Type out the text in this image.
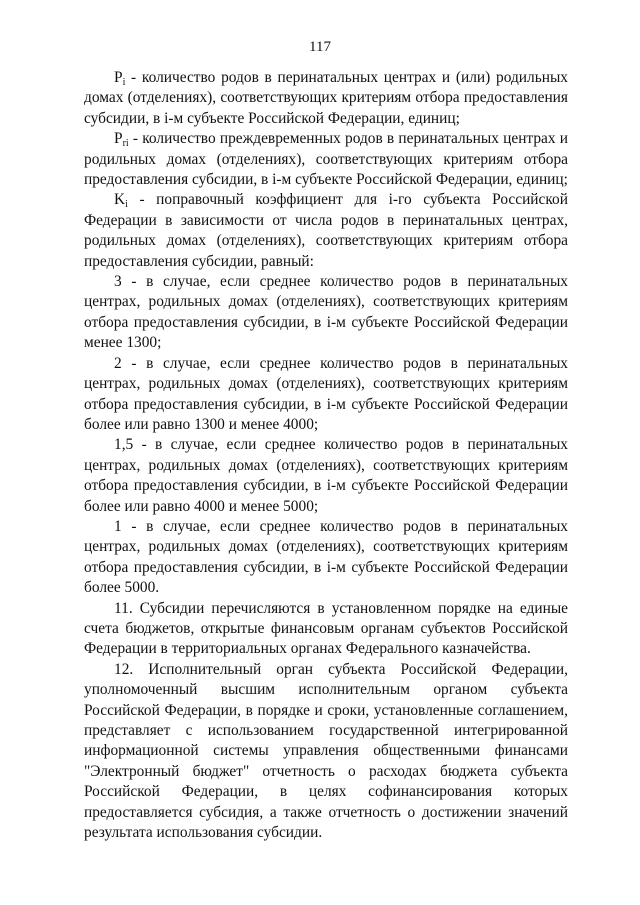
117

$P_i$ - количество родов в перинатальных центрах и (или) родильных домах (отделениях), соответствующих критериям отбора предоставления субсидии, в i-м субъекте Российской Федерации, единиц;

$P_{ri}$ - количество преждевременных родов в перинатальных центрах и родильных домах (отделениях), соответствующих критериям отбора предоставления субсидии, в i-м субъекте Российской Федерации, единиц;

$K_i$ - поправочный коэффициент для i-го субъекта Российской Федерации в зависимости от числа родов в перинатальных центрах, родильных домах (отделениях), соответствующих критериям отбора предоставления субсидии, равный:

3 - в случае, если среднее количество родов в перинатальных центрах, родильных домах (отделениях), соответствующих критериям отбора предоставления субсидии, в i-м субъекте Российской Федерации менее 1300;

2 - в случае, если среднее количество родов в перинатальных центрах, родильных домах (отделениях), соответствующих критериям отбора предоставления субсидии, в i-м субъекте Российской Федерации более или равно 1300 и менее 4000;

1,5 - в случае, если среднее количество родов в перинатальных центрах, родильных домах (отделениях), соответствующих критериям отбора предоставления субсидии, в i-м субъекте Российской Федерации более или равно 4000 и менее 5000;

1 - в случае, если среднее количество родов в перинатальных центрах, родильных домах (отделениях), соответствующих критериям отбора предоставления субсидии, в i-м субъекте Российской Федерации более 5000.

11. Субсидии перечисляются в установленном порядке на единые счета бюджетов, открытые финансовым органам субъектов Российской Федерации в территориальных органах Федерального казначейства.

12. Исполнительный орган субъекта Российской Федерации, уполномоченный высшим исполнительным органом субъекта Российской Федерации, в порядке и сроки, установленные соглашением, представляет с использованием государственной интегрированной информационной системы управления общественными финансами "Электронный бюджет" отчетность о расходах бюджета субъекта Российской Федерации, в целях софинансирования которых предоставляется субсидия, а также отчетность о достижении значений результата использования субсидии.
